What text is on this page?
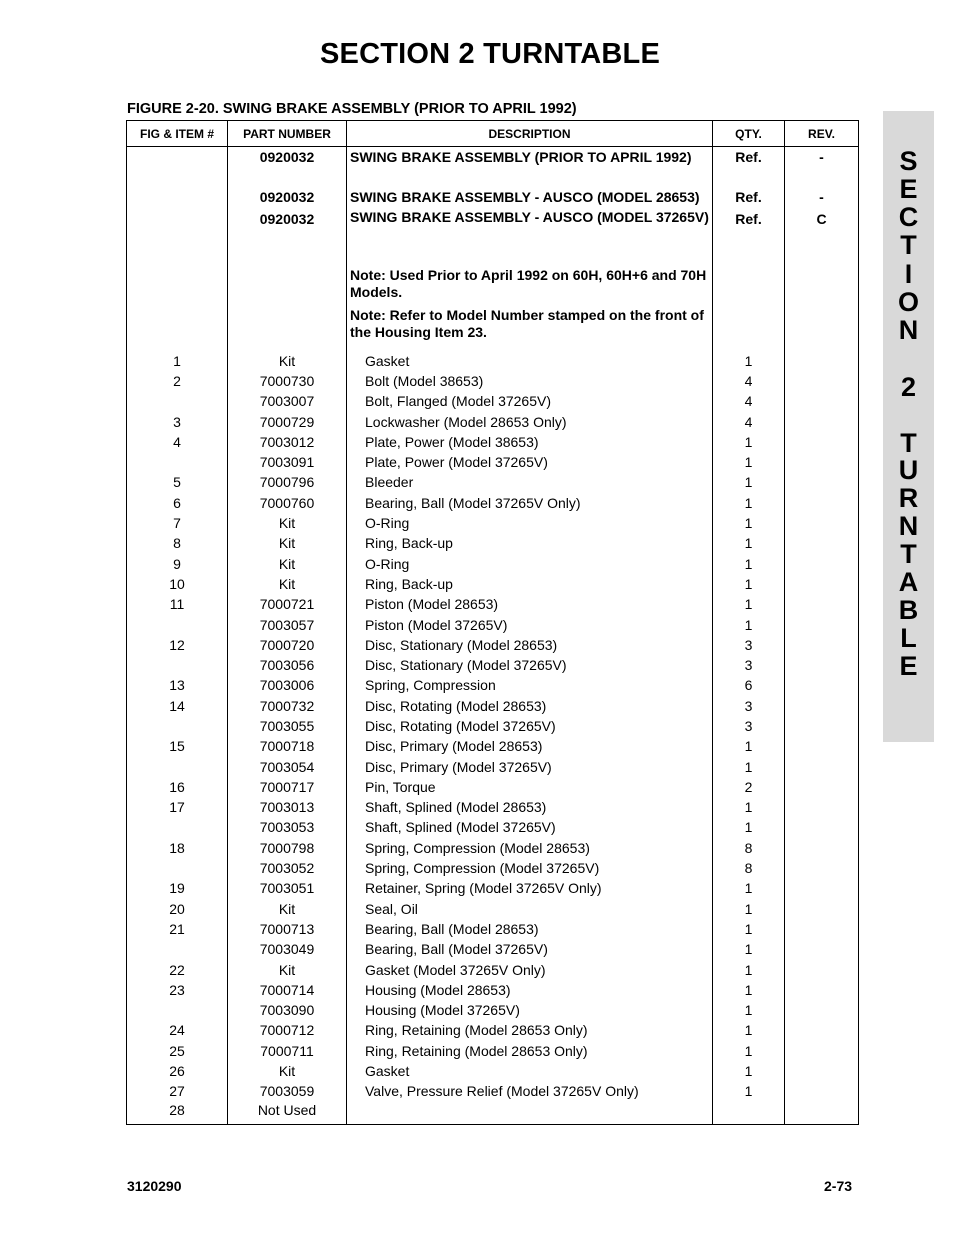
SECTION 2 TURNTABLE
FIGURE 2-20. SWING BRAKE ASSEMBLY (PRIOR TO APRIL 1992)
S
E
C
T
I
O
N
2
T
U
R
N
T
A
B
L
E
FIG & ITEM #	PART NUMBER	DESCRIPTION	QTY.	REV.
	0920032	SWING BRAKE ASSEMBLY (PRIOR TO APRIL 1992)	Ref.	-
	0920032	SWING BRAKE ASSEMBLY - AUSCO (MODEL 28653)	Ref.	-
	0920032	SWING BRAKE ASSEMBLY - AUSCO (MODEL 37265V)	Ref.	C
		Note: Used Prior to April 1992 on 60H, 60H+6 and 70H Models.		
		Note: Refer to Model Number stamped on the front of the Housing Item 23.		
1	Kit	Gasket	1	
2	7000730	Bolt (Model 38653)	4	
	7003007	Bolt, Flanged (Model 37265V)	4	
3	7000729	Lockwasher (Model 28653 Only)	4	
4	7003012	Plate, Power (Model 38653)	1	
	7003091	Plate, Power (Model 37265V)	1	
5	7000796	Bleeder	1	
6	7000760	Bearing, Ball (Model 37265V Only)	1	
7	Kit	O-Ring	1	
8	Kit	Ring, Back-up	1	
9	Kit	O-Ring	1	
10	Kit	Ring, Back-up	1	
11	7000721	Piston (Model 28653)	1	
	7003057	Piston (Model 37265V)	1	
12	7000720	Disc, Stationary (Model 28653)	3	
	7003056	Disc, Stationary (Model 37265V)	3	
13	7003006	Spring, Compression	6	
14	7000732	Disc, Rotating (Model 28653)	3	
	7003055	Disc, Rotating (Model 37265V)	3	
15	7000718	Disc, Primary (Model 28653)	1	
	7003054	Disc, Primary (Model 37265V)	1	
16	7000717	Pin, Torque	2	
17	7003013	Shaft, Splined (Model 28653)	1	
	7003053	Shaft, Splined (Model 37265V)	1	
18	7000798	Spring, Compression (Model 28653)	8	
	7003052	Spring, Compression (Model 37265V)	8	
19	7003051	Retainer, Spring (Model 37265V Only)	1	
20	Kit	Seal, Oil	1	
21	7000713	Bearing, Ball (Model 28653)	1	
	7003049	Bearing, Ball (Model 37265V)	1	
22	Kit	Gasket (Model 37265V Only)	1	
23	7000714	Housing (Model 28653)	1	
	7003090	Housing (Model 37265V)	1	
24	7000712	Ring, Retaining (Model 28653 Only)	1	
25	7000711	Ring, Retaining (Model 28653 Only)	1	
26	Kit	Gasket	1	
27	7003059	Valve, Pressure Relief (Model 37265V Only)	1	
28	Not Used			
3120290	2-73
